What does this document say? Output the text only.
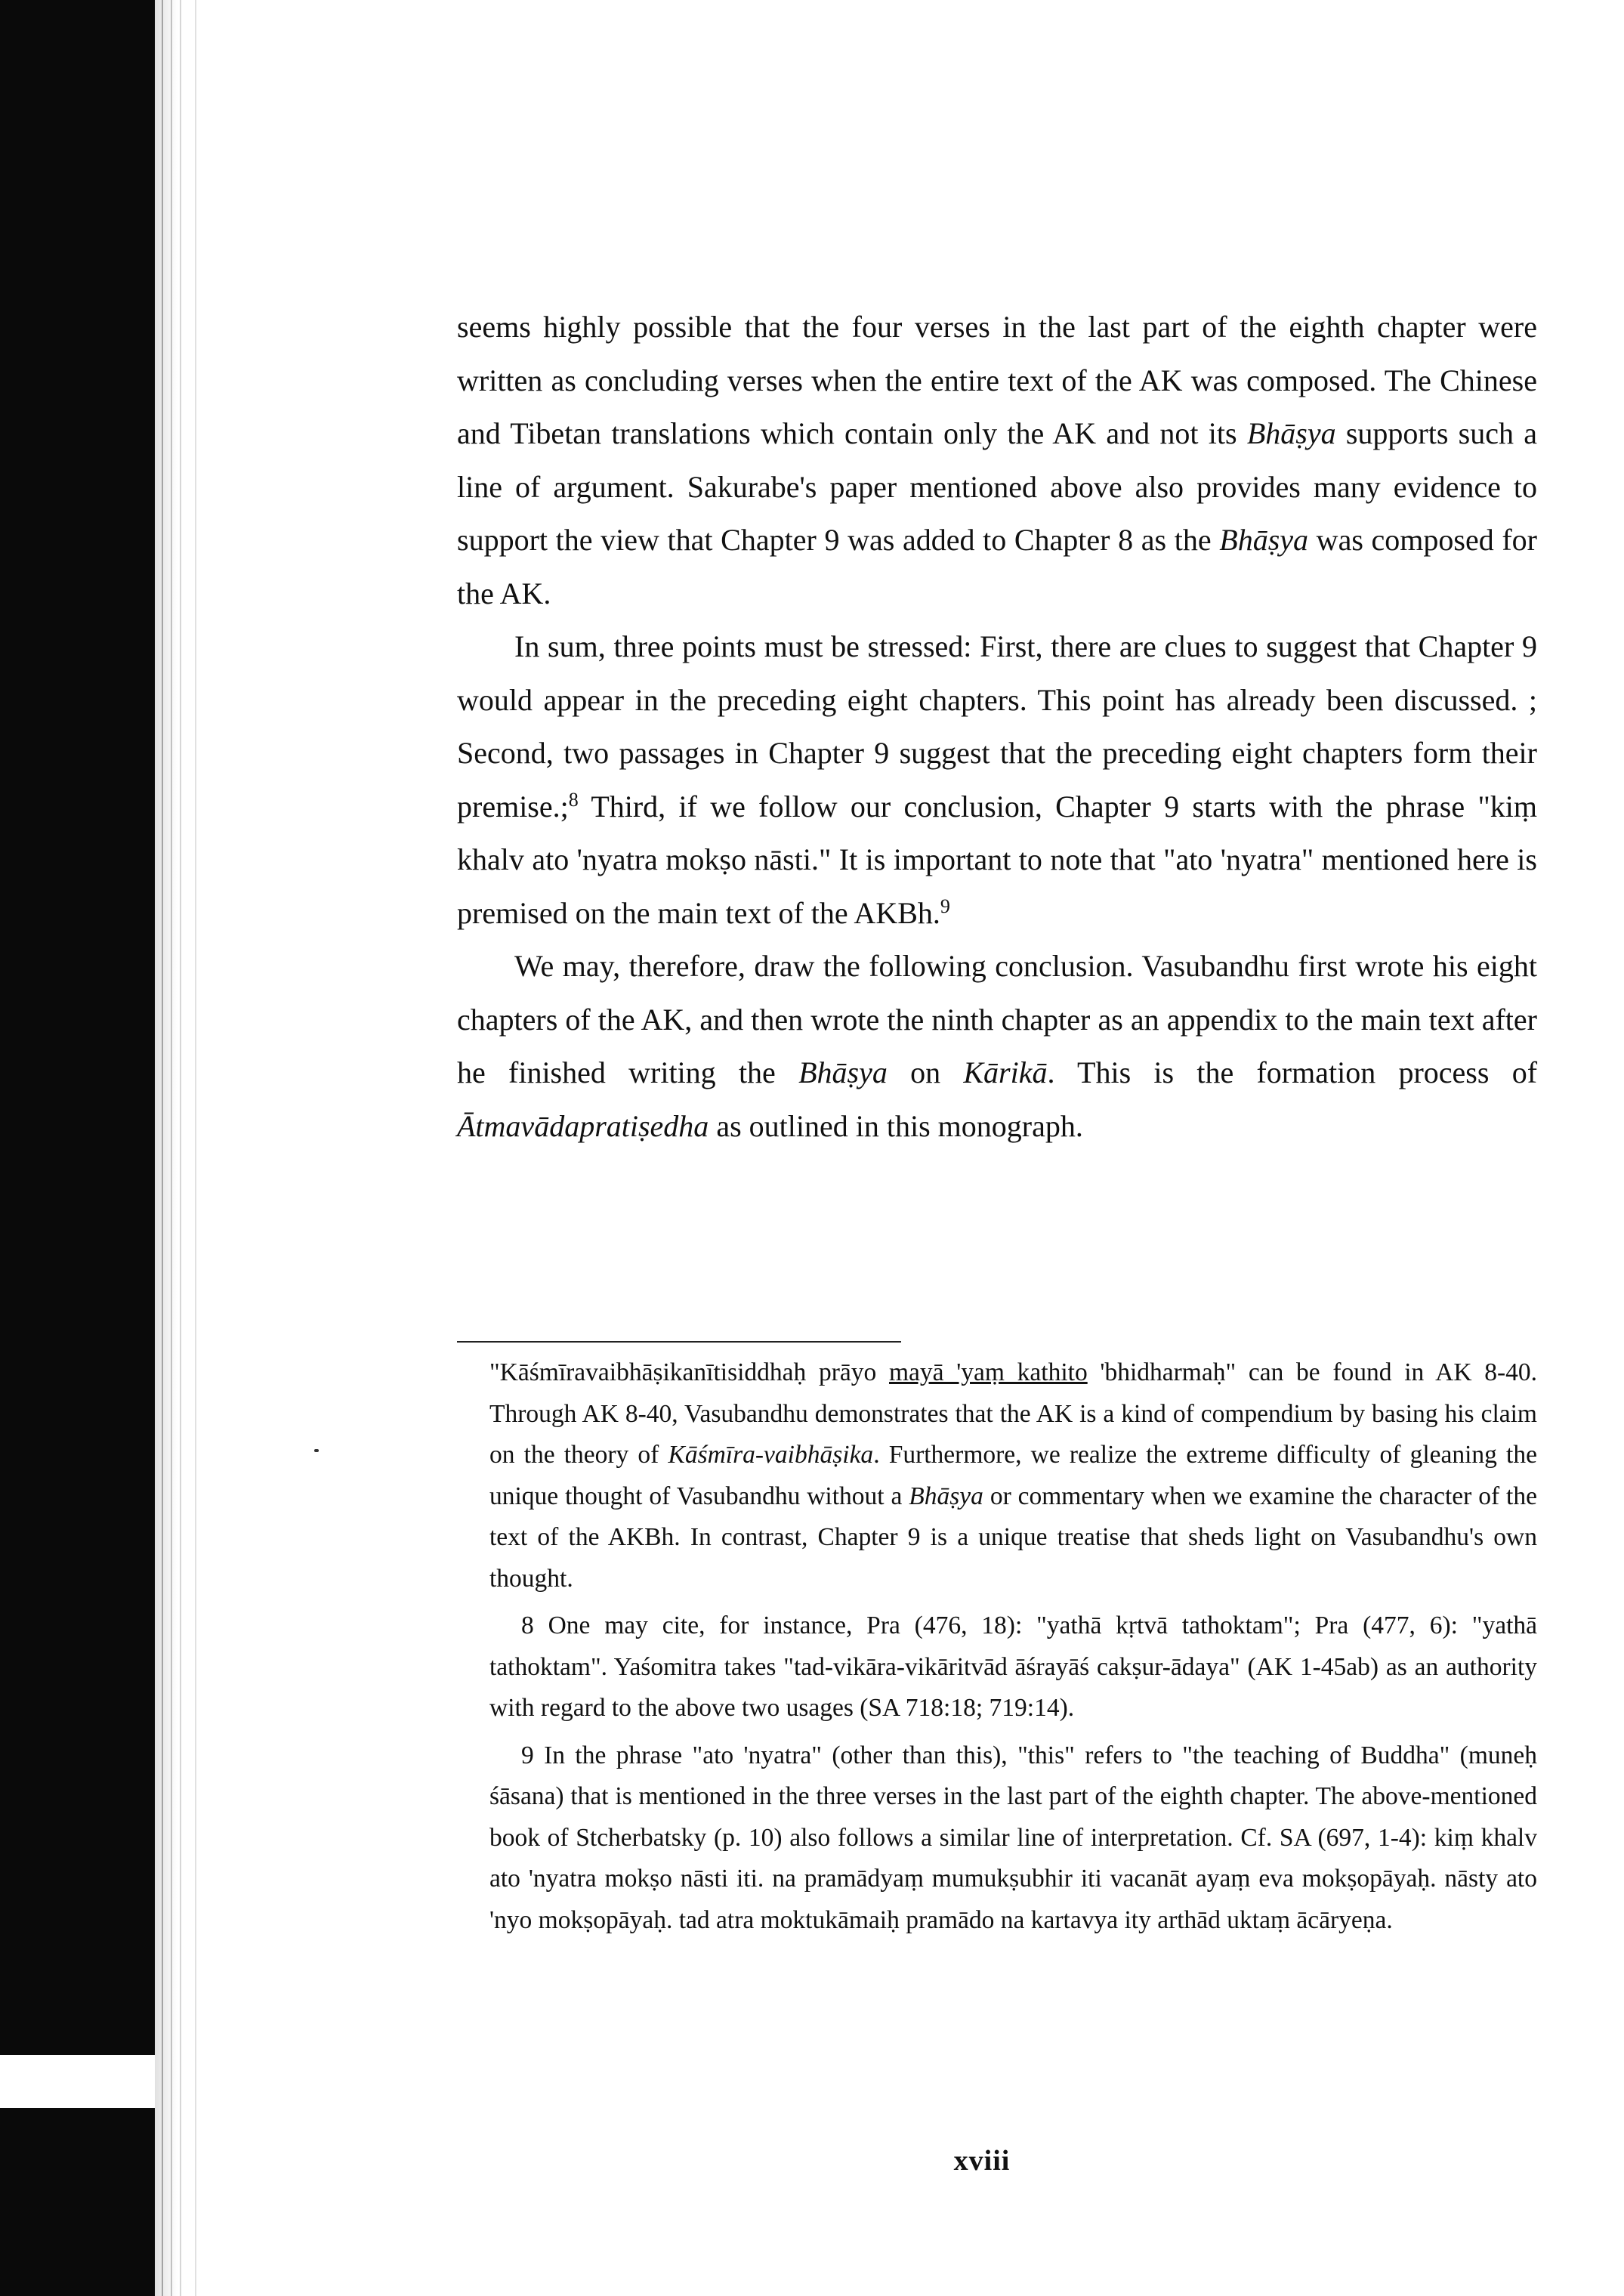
seems highly possible that the four verses in the last part of the eighth chapter were written as concluding verses when the entire text of the AK was composed. The Chinese and Tibetan translations which contain only the AK and not its Bhāṣya supports such a line of argument. Sakurabe's paper mentioned above also provides many evidence to support the view that Chapter 9 was added to Chapter 8 as the Bhāṣya was composed for the AK.

In sum, three points must be stressed: First, there are clues to suggest that Chapter 9 would appear in the preceding eight chapters. This point has already been discussed. ; Second, two passages in Chapter 9 suggest that the preceding eight chapters form their premise.;$^8$ Third, if we follow our conclusion, Chapter 9 starts with the phrase "kiṃ khalv ato 'nyatra mokṣo nāsti." It is important to note that "ato 'nyatra" mentioned here is premised on the main text of the AKBh.$^9$

We may, therefore, draw the following conclusion. Vasubandhu first wrote his eight chapters of the AK, and then wrote the ninth chapter as an appendix to the main text after he finished writing the Bhāṣya on Kārikā. This is the formation process of Ātmavādapratiṣedha as outlined in this monograph.

"Kāśmīravaibhāṣikanītisiddhaḥ prāyo mayā 'yaṃ kathito 'bhidharmaḥ" can be found in AK 8-40. Through AK 8-40, Vasubandhu demonstrates that the AK is a kind of compendium by basing his claim on the theory of Kāśmīra-vaibhāṣika. Furthermore, we realize the extreme difficulty of gleaning the unique thought of Vasubandhu without a Bhāṣya or commentary when we examine the character of the text of the AKBh. In contrast, Chapter 9 is a unique treatise that sheds light on Vasubandhu's own thought.

8 One may cite, for instance, Pra (476, 18): "yathā kṛtvā tathoktam"; Pra (477, 6): "yathā tathoktam". Yaśomitra takes "tad-vikāra-vikāritvād āśrayāś cakṣur-ādaya" (AK 1-45ab) as an authority with regard to the above two usages (SA 718:18; 719:14).

9 In the phrase "ato 'nyatra" (other than this), "this" refers to "the teaching of Buddha" (muneḥ śāsana) that is mentioned in the three verses in the last part of the eighth chapter. The above-mentioned book of Stcherbatsky (p. 10) also follows a similar line of interpretation. Cf. SA (697, 1-4): kiṃ khalv ato 'nyatra mokṣo nāsti iti. na pramādyaṃ mumukṣubhir iti vacanāt ayaṃ eva mokṣopāyaḥ. nāsty ato 'nyo mokṣopāyaḥ. tad atra moktukāmaiḥ pramādo na kartavya ity arthād uktaṃ ācāryeṇa.

xviii
